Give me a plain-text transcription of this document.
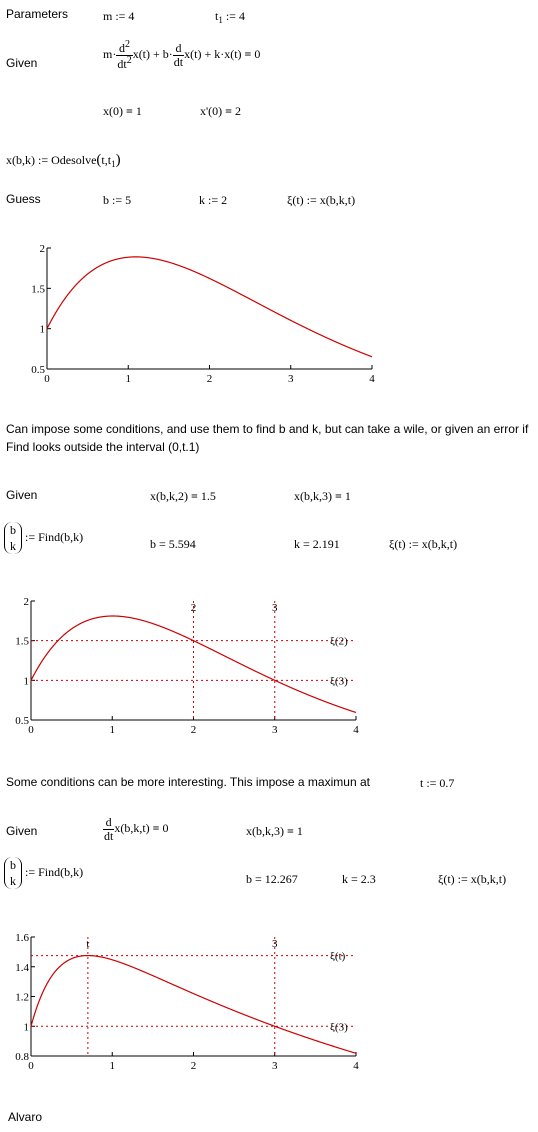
Parameters	m := 4	$t_1$ := 4
Given
$m\cdot \frac{d^2}{dt^2} x(t) + b\cdot \frac{d}{dt} x(t) + k\cdot x(t) = 0$
x(0) = 1	x'(0) = 2
x(b,k) := $Odesolve(t,t_1)$
Guess	b := 5	k := 2	ξ(t) := x(b,k,t)
0	1	2	3	4
0.5
1
1.5
2
Can impose some conditions, and use them to find b and k, but can take a wile, or given an error if Find looks outside the interval (0,t.1)
Given	x(b,k,2) = 1.5	x(b,k,3) = 1
b
k := Find(b,k)
b = 5.594	k = 2.191	ξ(t) := x(b,k,t)
0	1	2	3	4
0.5
1
1.5
2	2	3
ξ(2)
ξ(3)
Some conditions can be more interesting. This impose a maximun at	t := 0.7
Given	$\frac{d}{dt} x(b,k,t) = 0$	x(b,k,3) = 1
b
k := Find(b,k)
b = 12.267	k = 2.3	ξ(t) := x(b,k,t)
0	1	2	3	4
0.8
1
1.2
1.4
1.6	t	3
ξ(t)
ξ(3)
Alvaro
